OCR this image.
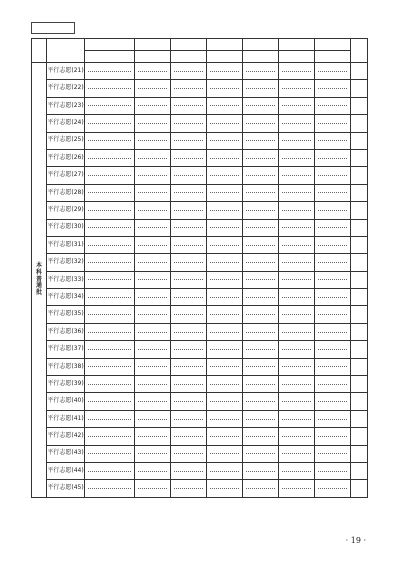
本
科
普
通
批	平行志愿(21)	

	平行志愿(22)	

	平行志愿(23)	

	平行志愿(24)	

	平行志愿(25)	

	平行志愿(26)	

	平行志愿(27)	

	平行志愿(28)	

	平行志愿(29)	

	平行志愿(30)	

	平行志愿(31)	

	平行志愿(32)	

	平行志愿(33)	

	平行志愿(34)	

	平行志愿(35)	

	平行志愿(36)	

	平行志愿(37)	

	平行志愿(38)	

	平行志愿(39)	

	平行志愿(40)	

	平行志愿(41)	

	平行志愿(42)	

	平行志愿(43)	

	平行志愿(44)	

	平行志愿(45)	

· 19 ·
